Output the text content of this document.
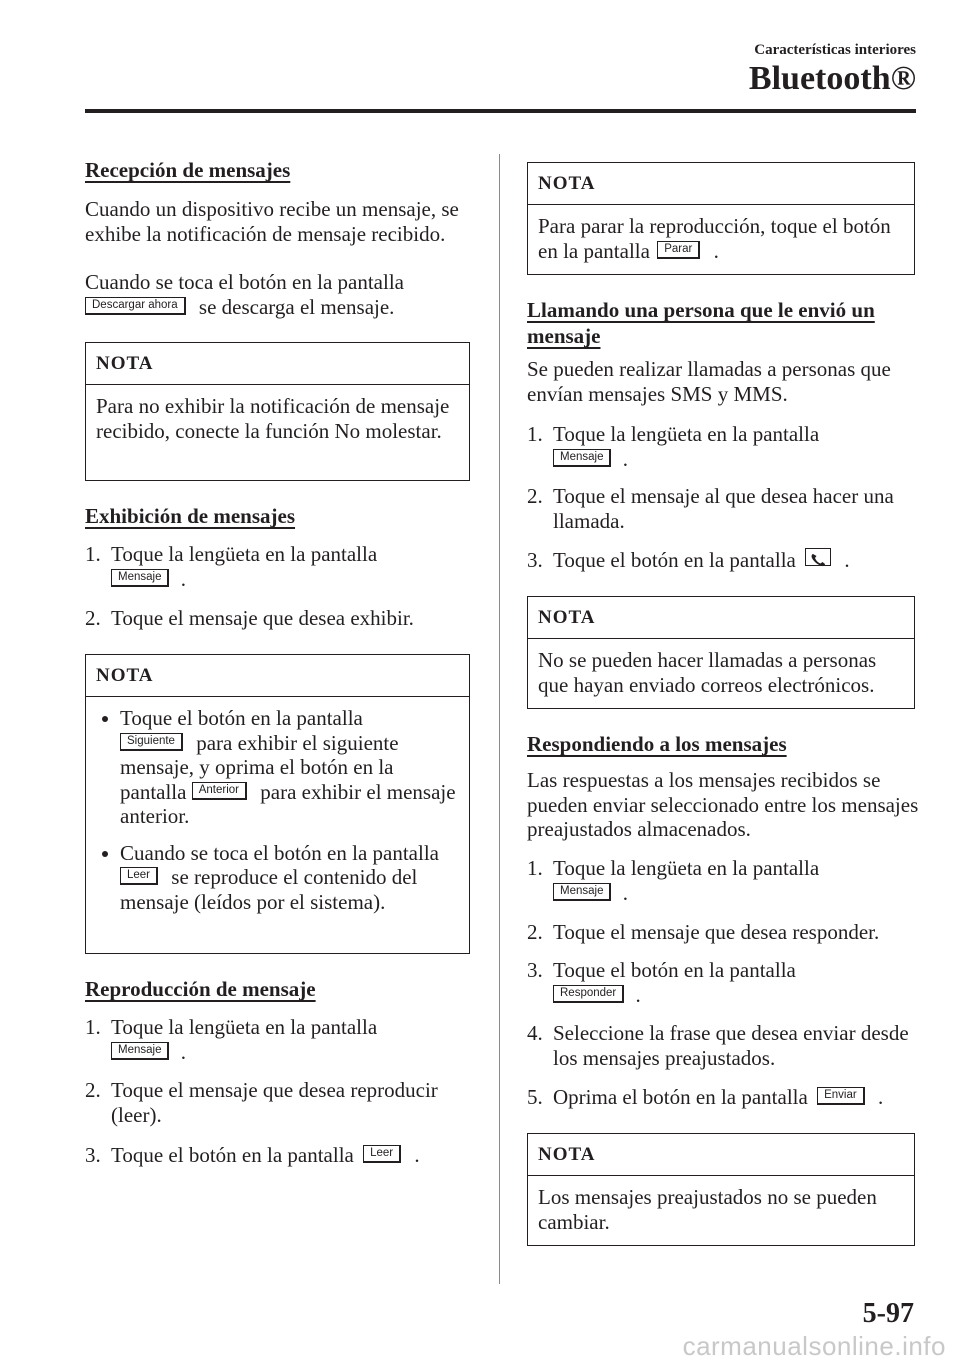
Características interiores
Bluetooth®
Recepción de mensajes
Cuando un dispositivo recibe un mensaje, se exhibe la notificación de mensaje recibido.
Cuando se toca el botón en la pantalla
Descargar ahora se descarga el mensaje.
NOTA
Para no exhibir la notificación de mensaje recibido, conecte la función No molestar.
Exhibición de mensajes
1. Toque la lengüeta en la pantalla
Mensaje .
2. Toque el mensaje que desea exhibir.
NOTA
Toque el botón en la pantalla
Siguiente para exhibir el siguiente mensaje, y oprima el botón en la pantalla Anterior para exhibir el mensaje anterior.
Cuando se toca el botón en la pantalla Leer se reproduce el contenido del mensaje (leídos por el sistema).
Reproducción de mensaje
1. Toque la lengüeta en la pantalla
Mensaje .
2. Toque el mensaje que desea reproducir (leer).
3. Toque el botón en la pantalla Leer .
NOTA
Para parar la reproducción, toque el botón en la pantalla Parar .
Llamando una persona que le envió un mensaje
Se pueden realizar llamadas a personas que envían mensajes SMS y MMS.
1. Toque la lengüeta en la pantalla
Mensaje .
2. Toque el mensaje al que desea hacer una llamada.
3. Toque el botón en la pantalla .
NOTA
No se pueden hacer llamadas a personas que hayan enviado correos electrónicos.
Respondiendo a los mensajes
Las respuestas a los mensajes recibidos se pueden enviar seleccionado entre los mensajes preajustados almacenados.
1. Toque la lengüeta en la pantalla
Mensaje .
2. Toque el mensaje que desea responder.
3. Toque el botón en la pantalla
Responder .
4. Seleccione la frase que desea enviar desde los mensajes preajustados.
5. Oprima el botón en la pantalla Enviar .
NOTA
Los mensajes preajustados no se pueden cambiar.
5-97
carmanualsonline.info
